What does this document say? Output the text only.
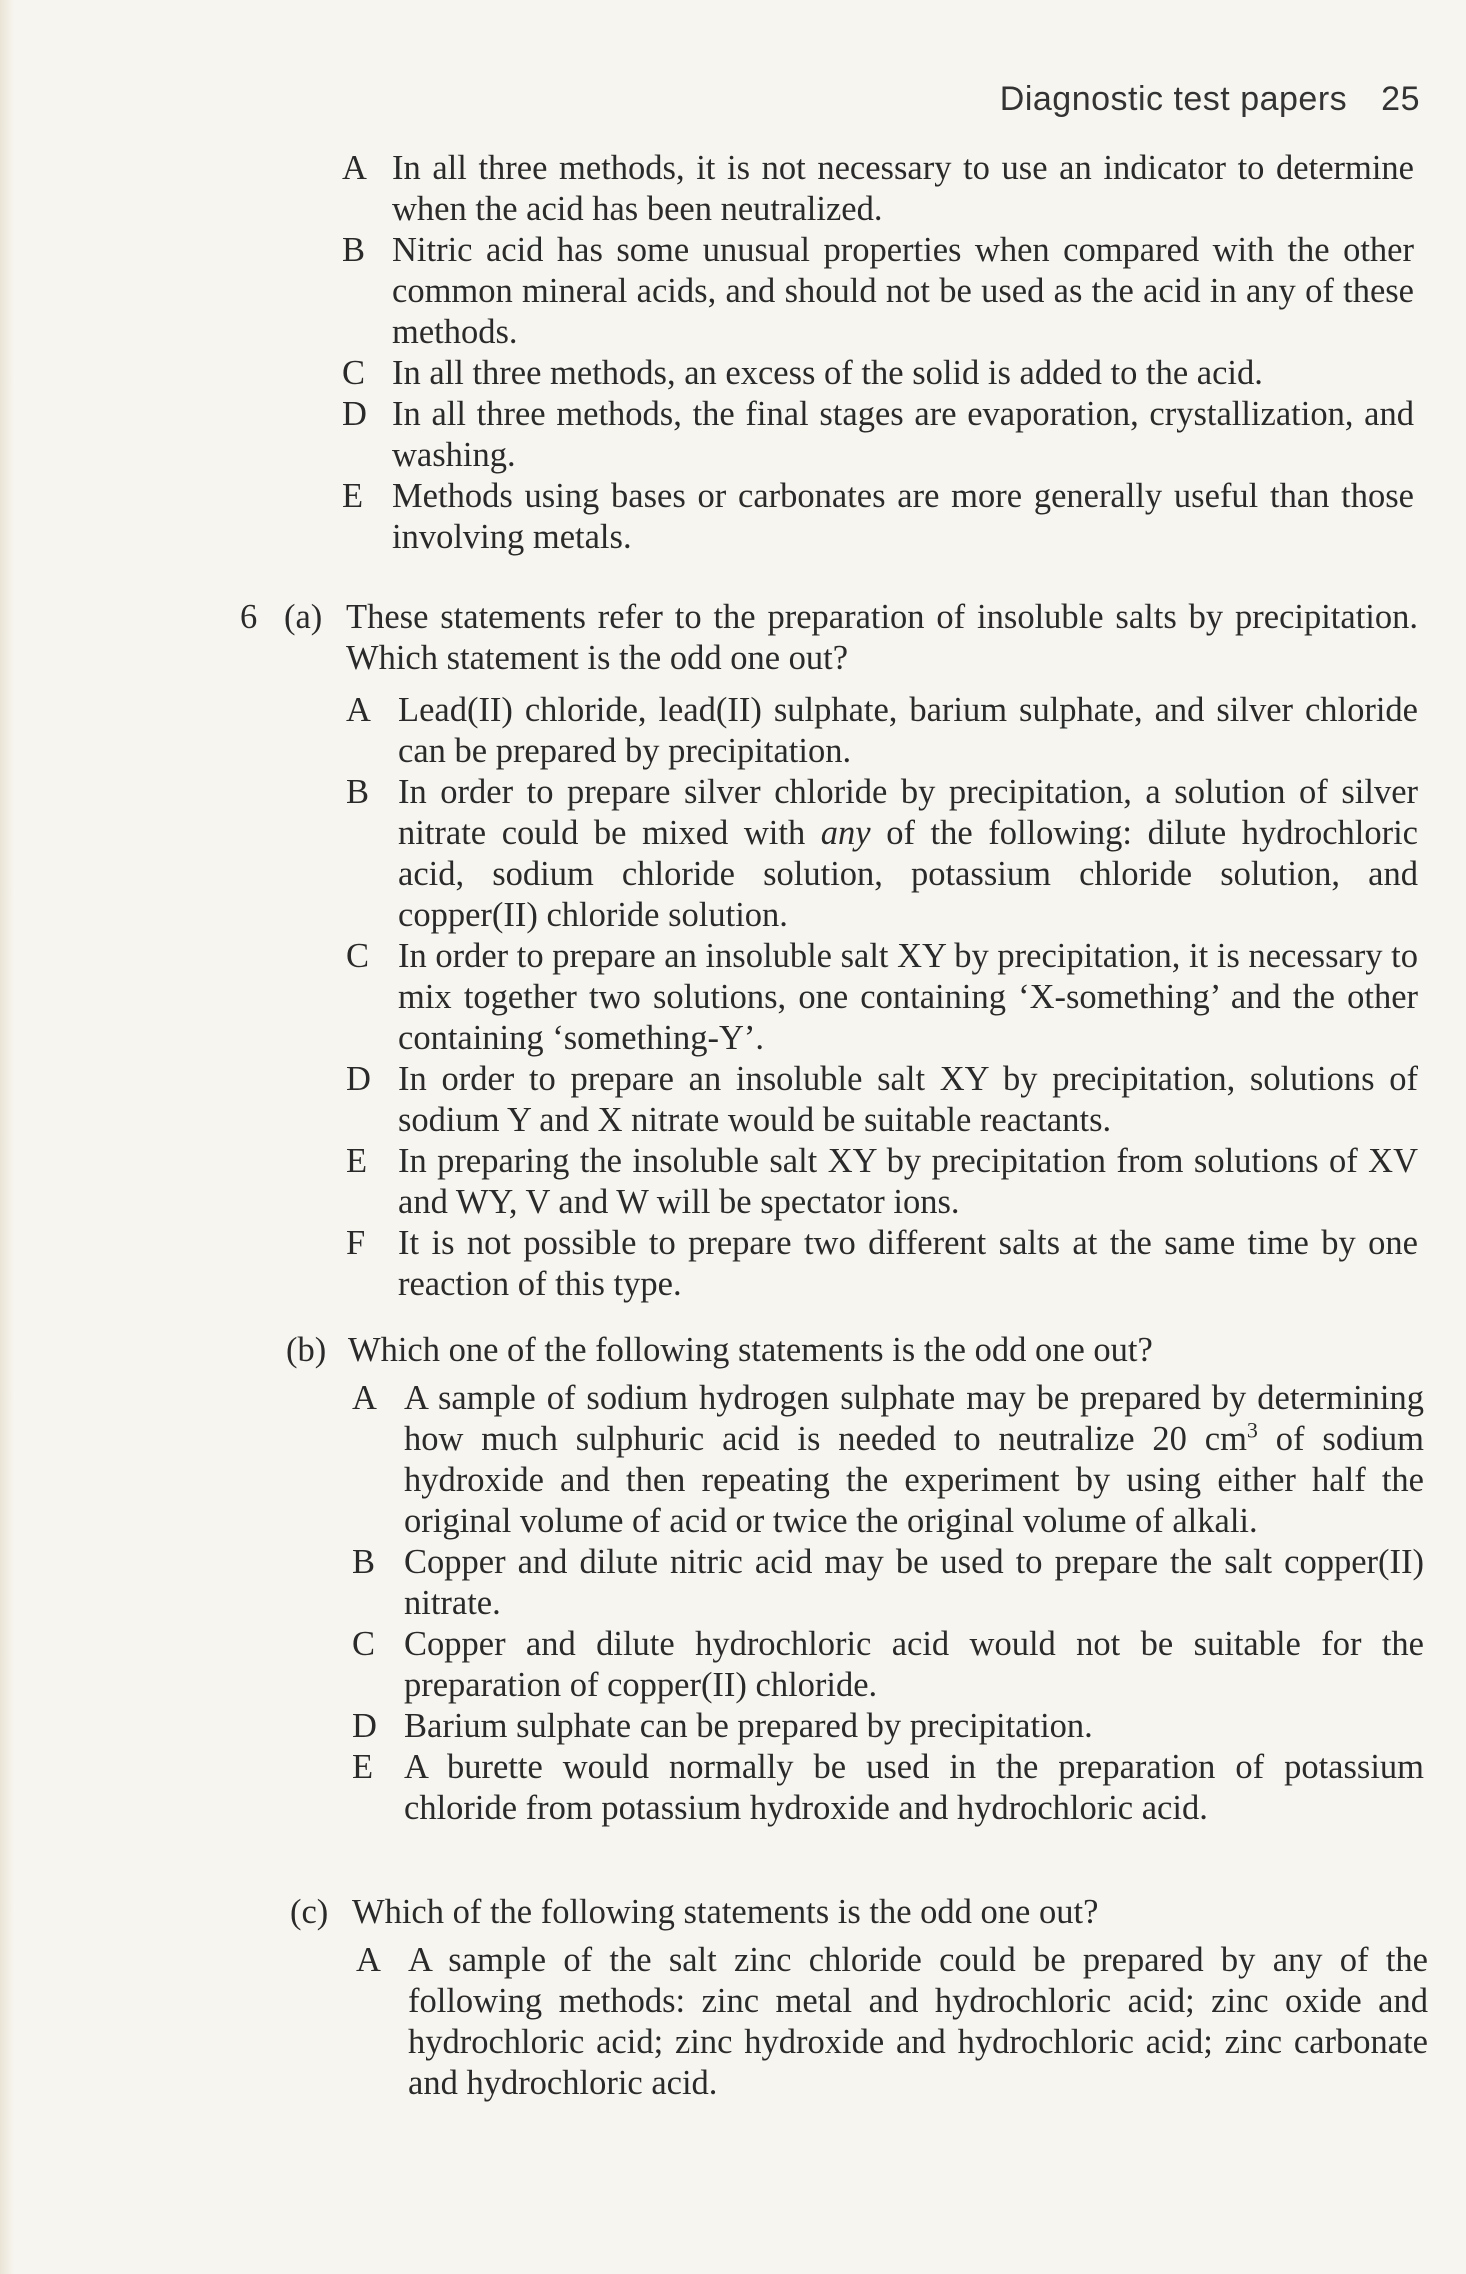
Diagnostic test papers 25
A In all three methods, it is not necessary to use an indicator to determine when the acid has been neutralized.
B Nitric acid has some unusual properties when compared with the other common mineral acids, and should not be used as the acid in any of these methods.
C In all three methods, an excess of the solid is added to the acid.
D In all three methods, the final stages are evaporation, crystallization, and washing.
E Methods using bases or carbonates are more generally useful than those involving metals.
6 (a) These statements refer to the preparation of insoluble salts by precipitation. Which statement is the odd one out?
A Lead(II) chloride, lead(II) sulphate, barium sulphate, and silver chloride can be prepared by precipitation.
B In order to prepare silver chloride by precipitation, a solution of silver nitrate could be mixed with any of the following: dilute hydrochloric acid, sodium chloride solution, potassium chloride solution, and copper(II) chloride solution.
C In order to prepare an insoluble salt XY by precipitation, it is necessary to mix together two solutions, one containing ‘X-something’ and the other containing ‘something-Y’.
D In order to prepare an insoluble salt XY by precipitation, solutions of sodium Y and X nitrate would be suitable reactants.
E In preparing the insoluble salt XY by precipitation from solutions of XV and WY, V and W will be spectator ions.
F It is not possible to prepare two different salts at the same time by one reaction of this type.
(b) Which one of the following statements is the odd one out?
A A sample of sodium hydrogen sulphate may be prepared by determining how much sulphuric acid is needed to neutralize 20 $cm^3$ of sodium hydroxide and then repeating the experiment by using either half the original volume of acid or twice the original volume of alkali.
B Copper and dilute nitric acid may be used to prepare the salt copper(II) nitrate.
C Copper and dilute hydrochloric acid would not be suitable for the preparation of copper(II) chloride.
D Barium sulphate can be prepared by precipitation.
E A burette would normally be used in the preparation of potassium chloride from potassium hydroxide and hydrochloric acid.
(c) Which of the following statements is the odd one out?
A A sample of the salt zinc chloride could be prepared by any of the following methods: zinc metal and hydrochloric acid; zinc oxide and hydrochloric acid; zinc hydroxide and hydrochloric acid; zinc carbonate and hydrochloric acid.
